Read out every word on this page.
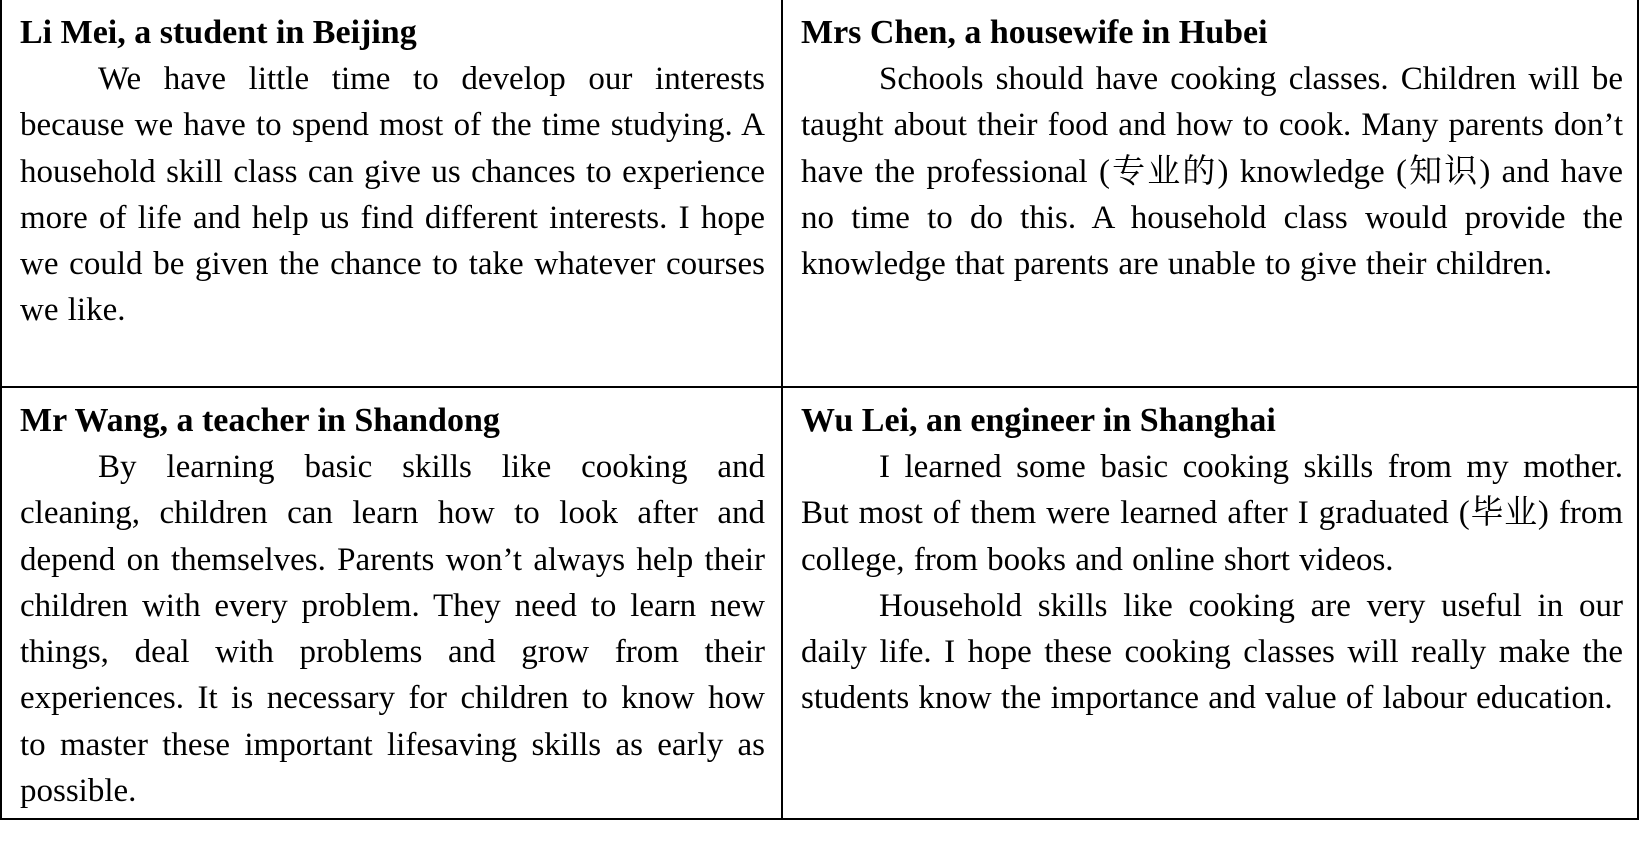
Li Mei, a student in Beijing

We have little time to develop our interests because we have to spend most of the time studying. A household skill class can give us chances to experience more of life and help us find different interests. I hope we could be given the chance to take whatever courses we like.

Mrs Chen, a housewife in Hubei

Schools should have cooking classes. Children will be taught about their food and how to cook. Many parents don’t have the professional (专业的) knowledge (知识) and have no time to do this. A household class would provide the knowledge that parents are unable to give their children.

Mr Wang, a teacher in Shandong

By learning basic skills like cooking and cleaning, children can learn how to look after and depend on themselves. Parents won’t always help their children with every problem. They need to learn new things, deal with problems and grow from their experiences. It is necessary for children to know how to master these important lifesaving skills as early as possible.

Wu Lei, an engineer in Shanghai

I learned some basic cooking skills from my mother. But most of them were learned after I graduated (毕业) from college, from books and online short videos.

Household skills like cooking are very useful in our daily life. I hope these cooking classes will really make the students know the importance and value of labour education.
